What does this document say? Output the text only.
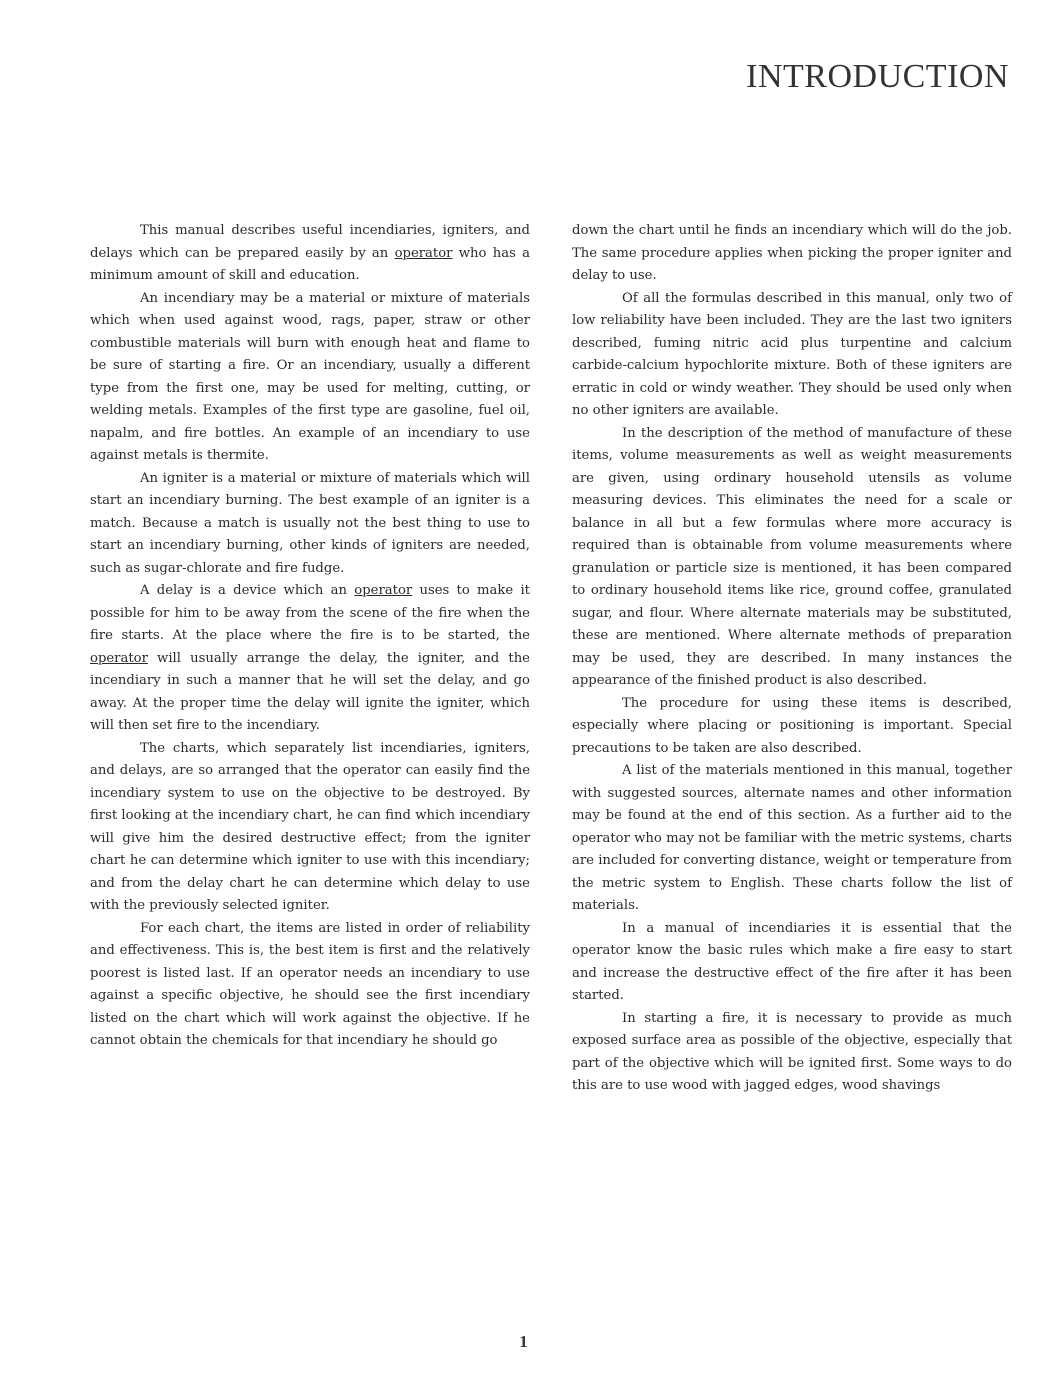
INTRODUCTION

This manual describes useful incendiaries, igniters, and delays which can be prepared easily by an operator who has a minimum amount of skill and education.

An incendiary may be a material or mixture of materials which when used against wood, rags, paper, straw or other combustible materials will burn with enough heat and flame to be sure of starting a fire. Or an incendiary, usually a different type from the first one, may be used for melting, cutting, or welding metals. Examples of the first type are gasoline, fuel oil, napalm, and fire bottles. An example of an incendiary to use against metals is thermite.

An igniter is a material or mixture of materials which will start an incendiary burning. The best example of an igniter is a match. Because a match is usually not the best thing to use to start an incendiary burning, other kinds of igniters are needed, such as sugar-chlorate and fire fudge.

A delay is a device which an operator uses to make it possible for him to be away from the scene of the fire when the fire starts. At the place where the fire is to be started, the operator will usually arrange the delay, the igniter, and the incendiary in such a manner that he will set the delay, and go away. At the proper time the delay will ignite the igniter, which will then set fire to the incendiary.

The charts, which separately list incendiaries, igniters, and delays, are so arranged that the operator can easily find the incendiary system to use on the objective to be destroyed. By first looking at the incendiary chart, he can find which incendiary will give him the desired destructive effect; from the igniter chart he can determine which igniter to use with this incendiary; and from the delay chart he can determine which delay to use with the previously selected igniter.

For each chart, the items are listed in order of reliability and effectiveness. This is, the best item is first and the relatively poorest is listed last. If an operator needs an incendiary to use against a specific objective, he should see the first incendiary listed on the chart which will work against the objective. If he cannot obtain the chemicals for that incendiary he should go

down the chart until he finds an incendiary which will do the job. The same procedure applies when picking the proper igniter and delay to use.

Of all the formulas described in this manual, only two of low reliability have been included. They are the last two igniters described, fuming nitric acid plus turpentine and calcium carbide-calcium hypochlorite mixture. Both of these igniters are erratic in cold or windy weather. They should be used only when no other igniters are available.

In the description of the method of manufacture of these items, volume measurements as well as weight measurements are given, using ordinary household utensils as volume measuring devices. This eliminates the need for a scale or balance in all but a few formulas where more accuracy is required than is obtainable from volume measurements where granulation or particle size is mentioned, it has been compared to ordinary household items like rice, ground coffee, granulated sugar, and flour. Where alternate materials may be substituted, these are mentioned. Where alternate methods of preparation may be used, they are described. In many instances the appearance of the finished product is also described.

The procedure for using these items is described, especially where placing or positioning is important. Special precautions to be taken are also described.

A list of the materials mentioned in this manual, together with suggested sources, alternate names and other information may be found at the end of this section. As a further aid to the operator who may not be familiar with the metric systems, charts are included for converting distance, weight or temperature from the metric system to English. These charts follow the list of materials.

In a manual of incendiaries it is essential that the operator know the basic rules which make a fire easy to start and increase the destructive effect of the fire after it has been started.

In starting a fire, it is necessary to provide as much exposed surface area as possible of the objective, especially that part of the objective which will be ignited first. Some ways to do this are to use wood with jagged edges, wood shavings

1
